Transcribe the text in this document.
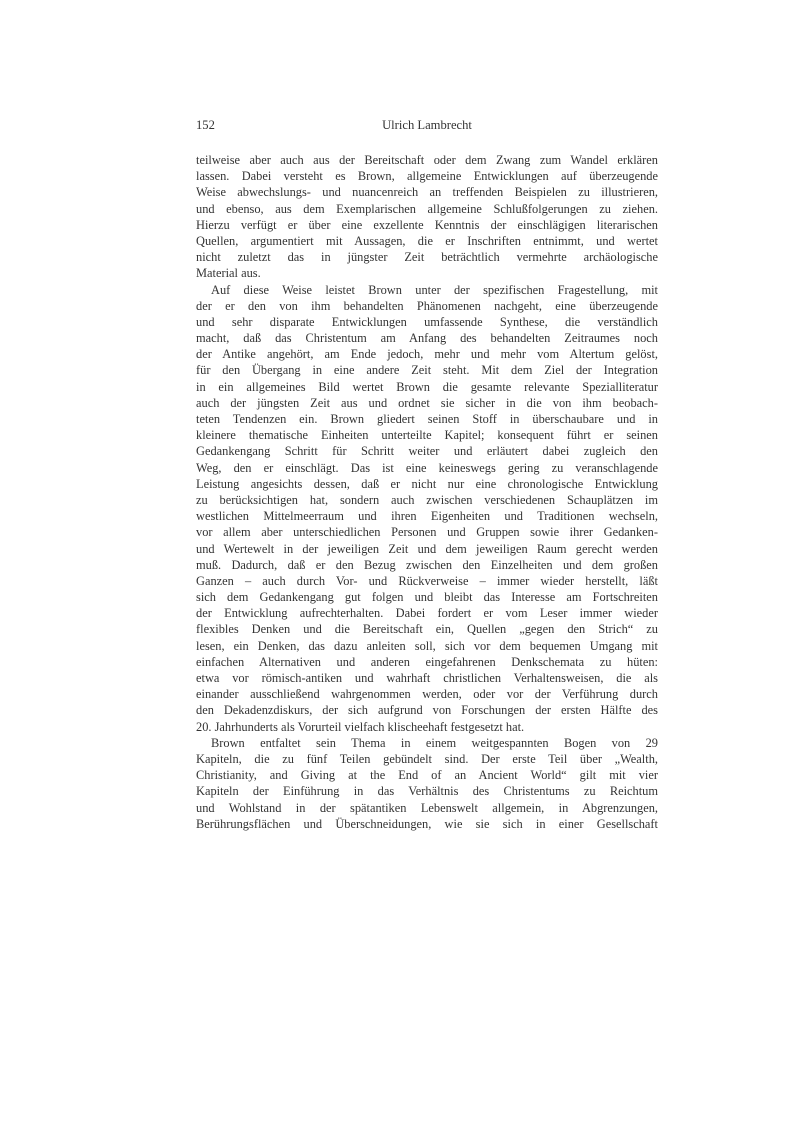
152	Ulrich Lambrecht
teilweise aber auch aus der Bereitschaft oder dem Zwang zum Wandel erklären
lassen. Dabei versteht es Brown, allgemeine Entwicklungen auf überzeugende
Weise abwechslungs- und nuancenreich an treffenden Beispielen zu illustrieren,
und ebenso, aus dem Exemplarischen allgemeine Schlußfolgerungen zu ziehen.
Hierzu verfügt er über eine exzellente Kenntnis der einschlägigen literarischen
Quellen, argumentiert mit Aussagen, die er Inschriften entnimmt, und wertet
nicht zuletzt das in jüngster Zeit beträchtlich vermehrte archäologische
Material aus.
Auf diese Weise leistet Brown unter der spezifischen Fragestellung, mit
der er den von ihm behandelten Phänomenen nachgeht, eine überzeugende
und sehr disparate Entwicklungen umfassende Synthese, die verständlich
macht, daß das Christentum am Anfang des behandelten Zeitraumes noch
der Antike angehört, am Ende jedoch, mehr und mehr vom Altertum gelöst,
für den Übergang in eine andere Zeit steht. Mit dem Ziel der Integration
in ein allgemeines Bild wertet Brown die gesamte relevante Spezialliteratur
auch der jüngsten Zeit aus und ordnet sie sicher in die von ihm beobach-
teten Tendenzen ein. Brown gliedert seinen Stoff in überschaubare und in
kleinere thematische Einheiten unterteilte Kapitel; konsequent führt er seinen
Gedankengang Schritt für Schritt weiter und erläutert dabei zugleich den
Weg, den er einschlägt. Das ist eine keineswegs gering zu veranschlagende
Leistung angesichts dessen, daß er nicht nur eine chronologische Entwicklung
zu berücksichtigen hat, sondern auch zwischen verschiedenen Schauplätzen im
westlichen Mittelmeerraum und ihren Eigenheiten und Traditionen wechseln,
vor allem aber unterschiedlichen Personen und Gruppen sowie ihrer Gedanken-
und Wertewelt in der jeweiligen Zeit und dem jeweiligen Raum gerecht werden
muß. Dadurch, daß er den Bezug zwischen den Einzelheiten und dem großen
Ganzen – auch durch Vor- und Rückverweise – immer wieder herstellt, läßt
sich dem Gedankengang gut folgen und bleibt das Interesse am Fortschreiten
der Entwicklung aufrechterhalten. Dabei fordert er vom Leser immer wieder
flexibles Denken und die Bereitschaft ein, Quellen „gegen den Strich“ zu
lesen, ein Denken, das dazu anleiten soll, sich vor dem bequemen Umgang mit
einfachen Alternativen und anderen eingefahrenen Denkschemata zu hüten:
etwa vor römisch-antiken und wahrhaft christlichen Verhaltensweisen, die als
einander ausschließend wahrgenommen werden, oder vor der Verführung durch
den Dekadenzdiskurs, der sich aufgrund von Forschungen der ersten Hälfte des
20. Jahrhunderts als Vorurteil vielfach klischeehaft festgesetzt hat.
Brown entfaltet sein Thema in einem weitgespannten Bogen von 29
Kapiteln, die zu fünf Teilen gebündelt sind. Der erste Teil über „Wealth,
Christianity, and Giving at the End of an Ancient World“ gilt mit vier
Kapiteln der Einführung in das Verhältnis des Christentums zu Reichtum
und Wohlstand in der spätantiken Lebenswelt allgemein, in Abgrenzungen,
Berührungsflächen und Überschneidungen, wie sie sich in einer Gesellschaft
